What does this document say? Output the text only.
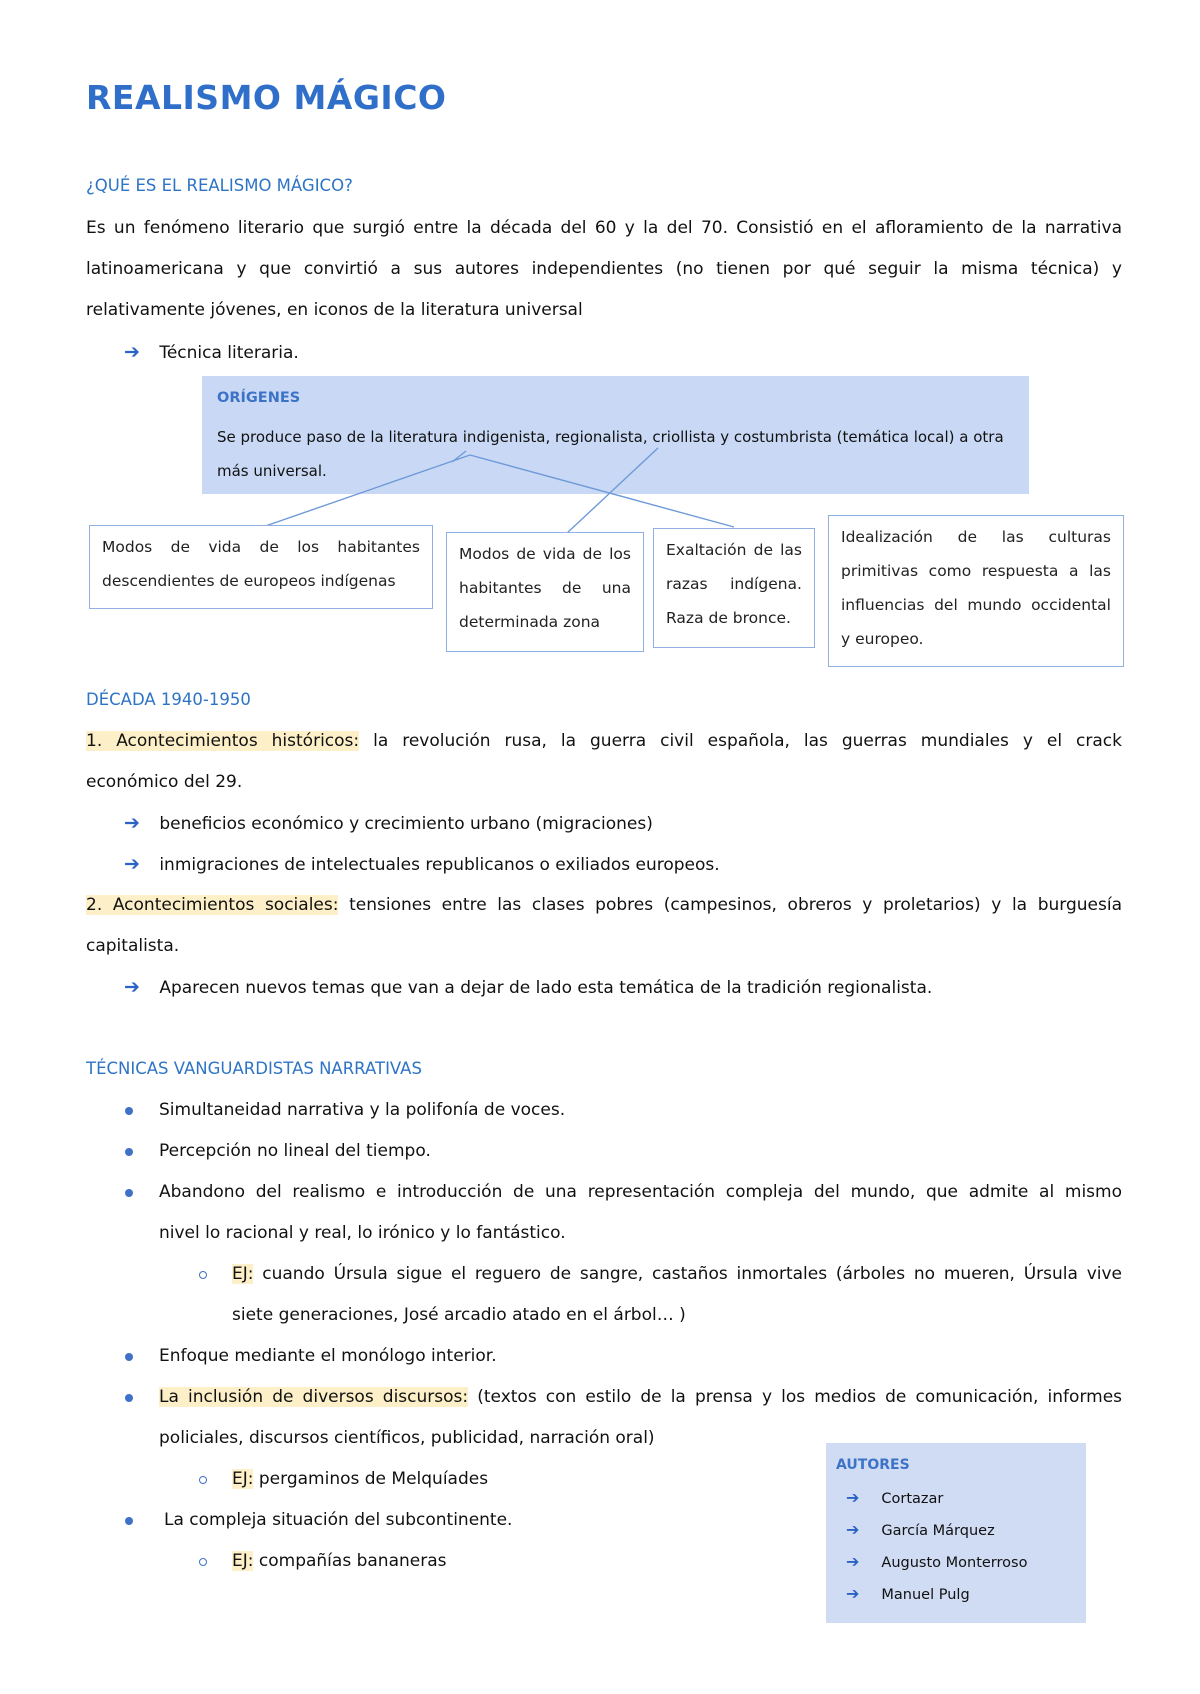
REALISMO MÁGICO
¿QUÉ ES EL REALISMO MÁGICO?
Es un fenómeno literario que surgió entre la década del 60 y la del 70. Consistió en el afloramiento de la narrativa latinoamericana y que convirtió a sus autores independientes (no tienen por qué seguir la misma técnica) y relativamente jóvenes, en iconos de la literatura universal
➔ Técnica literaria.
ORÍGENES
Se produce paso de la literatura indigenista, regionalista, criollista y costumbrista (temática local) a otra más universal.
Modos de vida de los habitantes descendientes de europeos indígenas
Modos de vida de los habitantes de una determinada zona
Exaltación de las razas indígena. Raza de bronce.
Idealización de las culturas primitivas como respuesta a las influencias del mundo occidental y europeo.
DÉCADA 1940-1950
1. Acontecimientos históricos: la revolución rusa, la guerra civil española, las guerras mundiales y el crack
económico del 29.
➔ beneficios económico y crecimiento urbano (migraciones)
➔ inmigraciones de intelectuales republicanos o exiliados europeos.
2. Acontecimientos sociales: tensiones entre las clases pobres (campesinos, obreros y proletarios) y la burguesía
capitalista.
➔ Aparecen nuevos temas que van a dejar de lado esta temática de la tradición regionalista.
TÉCNICAS VANGUARDISTAS NARRATIVAS
Simultaneidad narrativa y la polifonía de voces.
Percepción no lineal del tiempo.
Abandono del realismo e introducción de una representación compleja del mundo, que admite al mismo
nivel lo racional y real, lo irónico y lo fantástico.
EJ: cuando Úrsula sigue el reguero de sangre, castaños inmortales (árboles no mueren, Úrsula vive
siete generaciones, José arcadio atado en el árbol… )
Enfoque mediante el monólogo interior.
La inclusión de diversos discursos: (textos con estilo de la prensa y los medios de comunicación, informes
policiales, discursos científicos, publicidad, narración oral)
EJ: pergaminos de Melquíades
La compleja situación del subcontinente.
EJ: compañías bananeras
AUTORES
➔ Cortazar
➔ García Márquez
➔ Augusto Monterroso
➔ Manuel Pulg
